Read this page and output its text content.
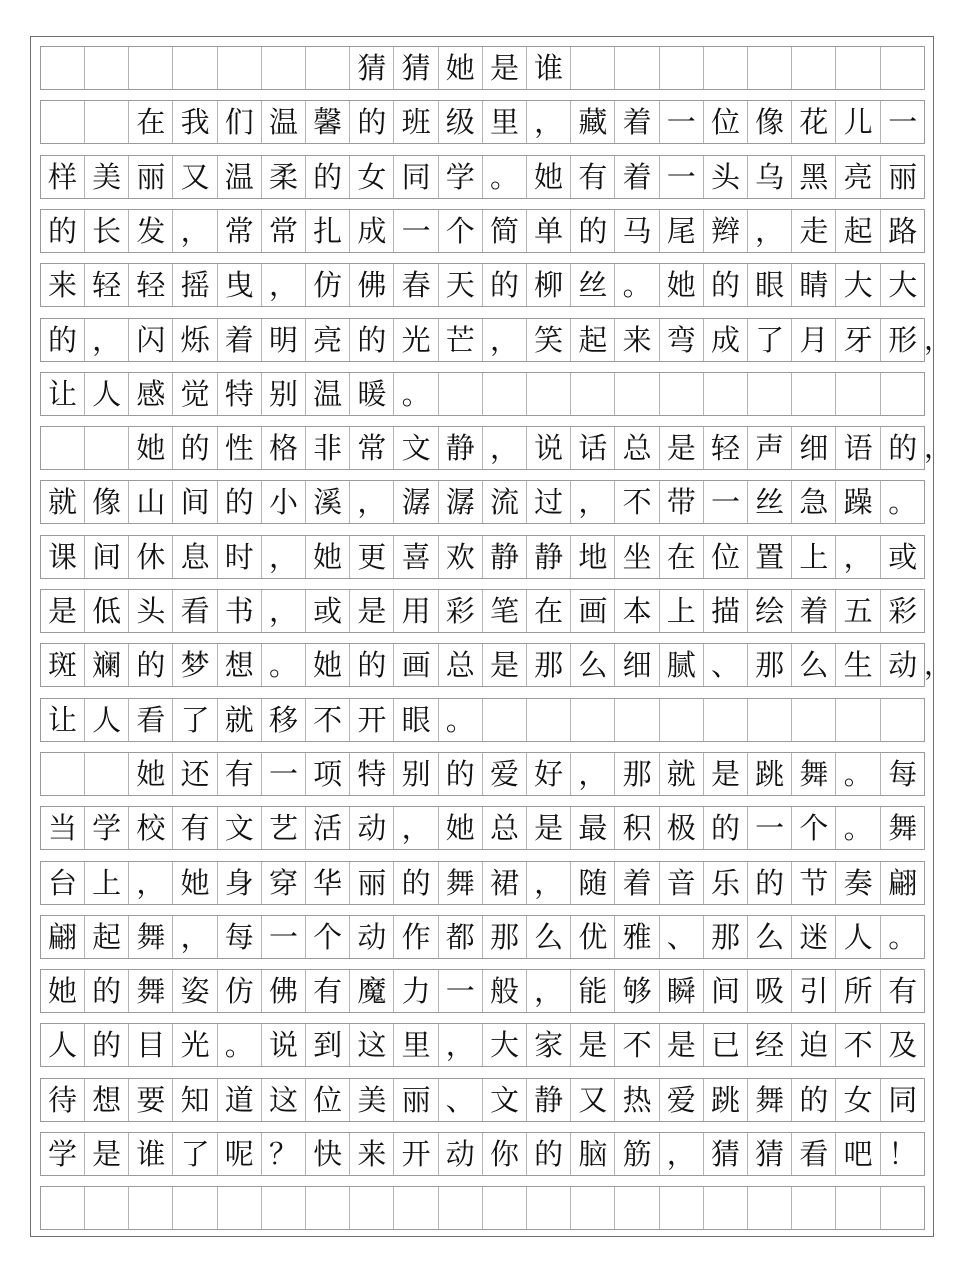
猜 猜 她 是 谁
在 我 们 温 馨 的 班 级 里 ， 藏 着 一 位 像 花 儿 一
样 美 丽 又 温 柔 的 女 同 学 。 她 有 着 一 头 乌 黑 亮 丽
的 长 发 ， 常 常 扎 成 一 个 简 单 的 马 尾 辫 ， 走 起 路
来 轻 轻 摇 曳 ， 仿 佛 春 天 的 柳 丝 。 她 的 眼 睛 大 大
的 ， 闪 烁 着 明 亮 的 光 芒 ， 笑 起 来 弯 成 了 月 牙 形 ，
让 人 感 觉 特 别 温 暖 。
她 的 性 格 非 常 文 静 ， 说 话 总 是 轻 声 细 语 的 ，
就 像 山 间 的 小 溪 ， 潺 潺 流 过 ， 不 带 一 丝 急 躁 。
课 间 休 息 时 ， 她 更 喜 欢 静 静 地 坐 在 位 置 上 ， 或
是 低 头 看 书 ， 或 是 用 彩 笔 在 画 本 上 描 绘 着 五 彩
斑 斓 的 梦 想 。 她 的 画 总 是 那 么 细 腻 、 那 么 生 动 ，
让 人 看 了 就 移 不 开 眼 。
她 还 有 一 项 特 别 的 爱 好 ， 那 就 是 跳 舞 。 每
当 学 校 有 文 艺 活 动 ， 她 总 是 最 积 极 的 一 个 。 舞
台 上 ， 她 身 穿 华 丽 的 舞 裙 ， 随 着 音 乐 的 节 奏 翩
翩 起 舞 ， 每 一 个 动 作 都 那 么 优 雅 、 那 么 迷 人 。
她 的 舞 姿 仿 佛 有 魔 力 一 般 ， 能 够 瞬 间 吸 引 所 有
人 的 目 光 。 说 到 这 里 ， 大 家 是 不 是 已 经 迫 不 及
待 想 要 知 道 这 位 美 丽 、 文 静 又 热 爱 跳 舞 的 女 同
学 是 谁 了 呢 ？ 快 来 开 动 你 的 脑 筋 ， 猜 猜 看 吧 ！
